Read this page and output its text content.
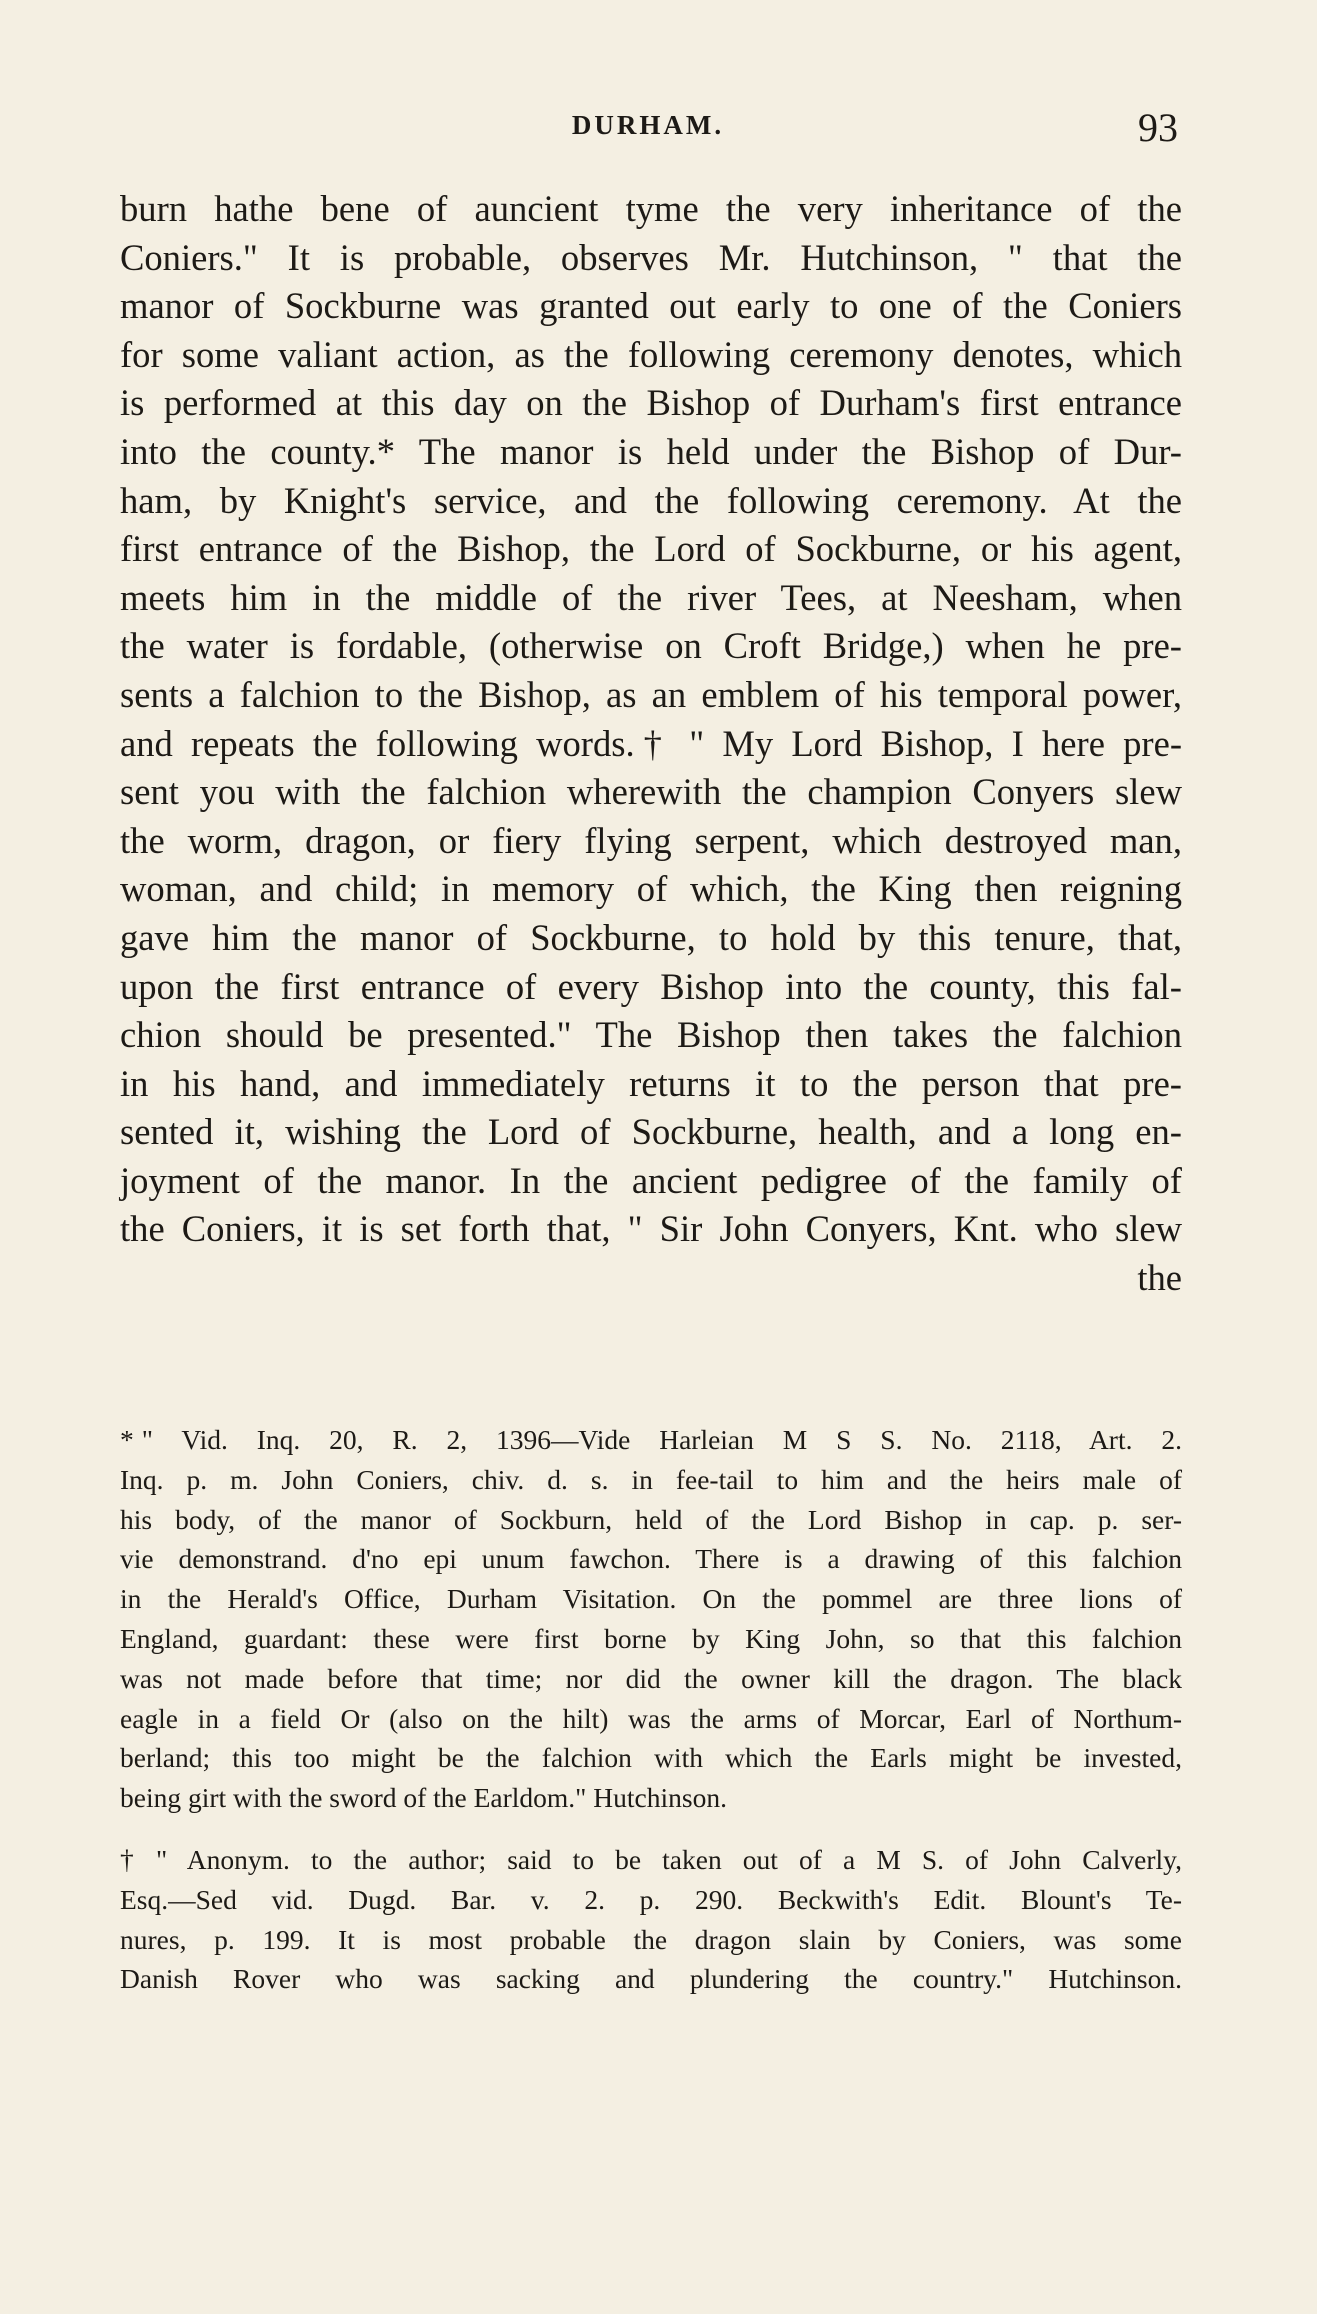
DURHAM.	93
burn hathe bene of auncient tyme the very inheritance of the
Coniers." It is probable, observes Mr. Hutchinson, " that the
manor of Sockburne was granted out early to one of the Coniers
for some valiant action, as the following ceremony denotes, which
is performed at this day on the Bishop of Durham's first entrance
into the county.* The manor is held under the Bishop of Dur-
ham, by Knight's service, and the following ceremony. At the
first entrance of the Bishop, the Lord of Sockburne, or his agent,
meets him in the middle of the river Tees, at Neesham, when
the water is fordable, (otherwise on Croft Bridge,) when he pre-
sents a falchion to the Bishop, as an emblem of his temporal power,
and repeats the following words.† " My Lord Bishop, I here pre-
sent you with the falchion wherewith the champion Conyers slew
the worm, dragon, or fiery flying serpent, which destroyed man,
woman, and child; in memory of which, the King then reigning
gave him the manor of Sockburne, to hold by this tenure, that,
upon the first entrance of every Bishop into the county, this fal-
chion should be presented." The Bishop then takes the falchion
in his hand, and immediately returns it to the person that pre-
sented it, wishing the Lord of Sockburne, health, and a long en-
joyment of the manor. In the ancient pedigree of the family of
the Coniers, it is set forth that, " Sir John Conyers, Knt. who slew
the
* " Vid. Inq. 20, R. 2, 1396—Vide Harleian M S S. No. 2118, Art. 2.
Inq. p. m. John Coniers, chiv. d. s. in fee-tail to him and the heirs male of
his body, of the manor of Sockburn, held of the Lord Bishop in cap. p. ser-
vie demonstrand. d'no epi unum fawchon. There is a drawing of this falchion
in the Herald's Office, Durham Visitation. On the pommel are three lions of
England, guardant: these were first borne by King John, so that this falchion
was not made before that time; nor did the owner kill the dragon. The black
eagle in a field Or (also on the hilt) was the arms of Morcar, Earl of Northum-
berland; this too might be the falchion with which the Earls might be invested,
being girt with the sword of the Earldom." Hutchinson.
† " Anonym. to the author; said to be taken out of a M S. of John Calverly,
Esq.—Sed vid. Dugd. Bar. v. 2. p. 290. Beckwith's Edit. Blount's Te-
nures, p. 199. It is most probable the dragon slain by Coniers, was some
Danish Rover who was sacking and plundering the country." Hutchinson.
